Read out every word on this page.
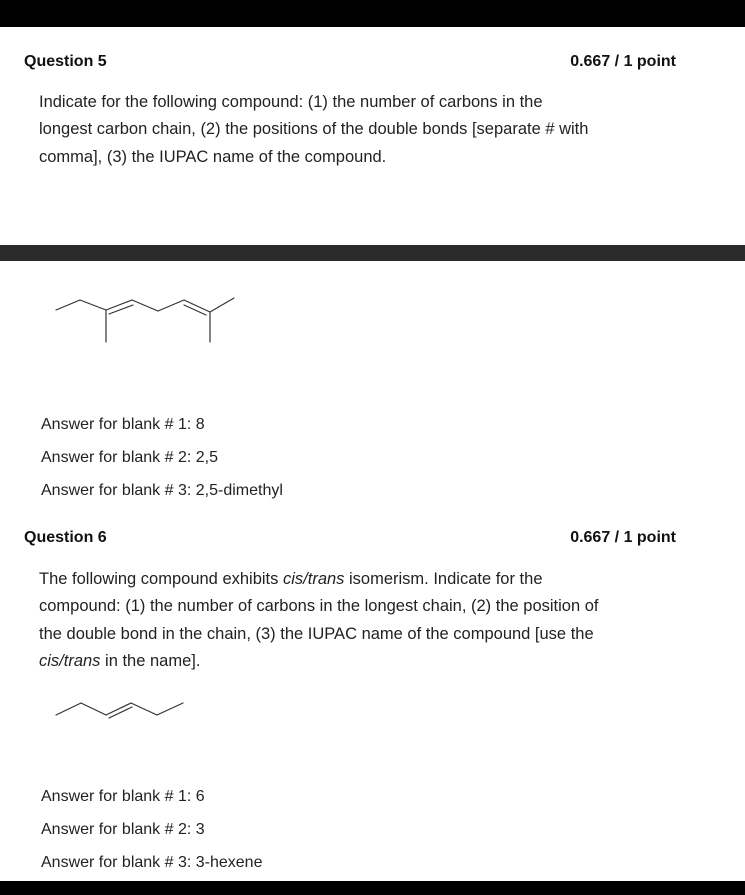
Question 5	0.667 / 1 point
Indicate for the following compound: (1) the number of carbons in the
longest carbon chain, (2) the positions of the double bonds [separate # with
comma], (3) the IUPAC name of the compound.
Answer for blank # 1: 8
Answer for blank # 2: 2,5
Answer for blank # 3: 2,5-dimethyl
Question 6	0.667 / 1 point
The following compound exhibits cis/trans isomerism. Indicate for the
compound: (1) the number of carbons in the longest chain, (2) the position of
the double bond in the chain, (3) the IUPAC name of the compound [use the
cis/trans in the name].
Answer for blank # 1: 6
Answer for blank # 2: 3
Answer for blank # 3: 3-hexene
